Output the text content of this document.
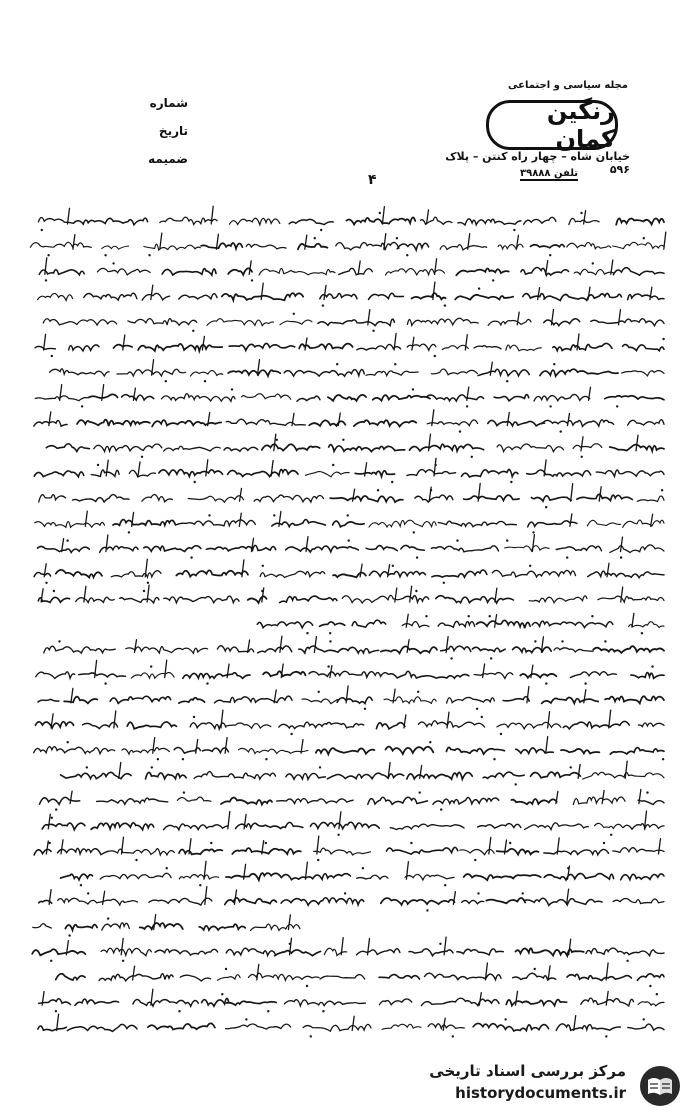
شماره
تاریخ
ضمیمه
مجله سیاسی و اجتماعی
رنگین کمان
خیابان شاه – چهار راه کنتن – پلاک ۵۹۶
تلفن ۳۹۸۸۸
۴
مرکز بررسی اسناد تاریخی
historydocuments.ir
